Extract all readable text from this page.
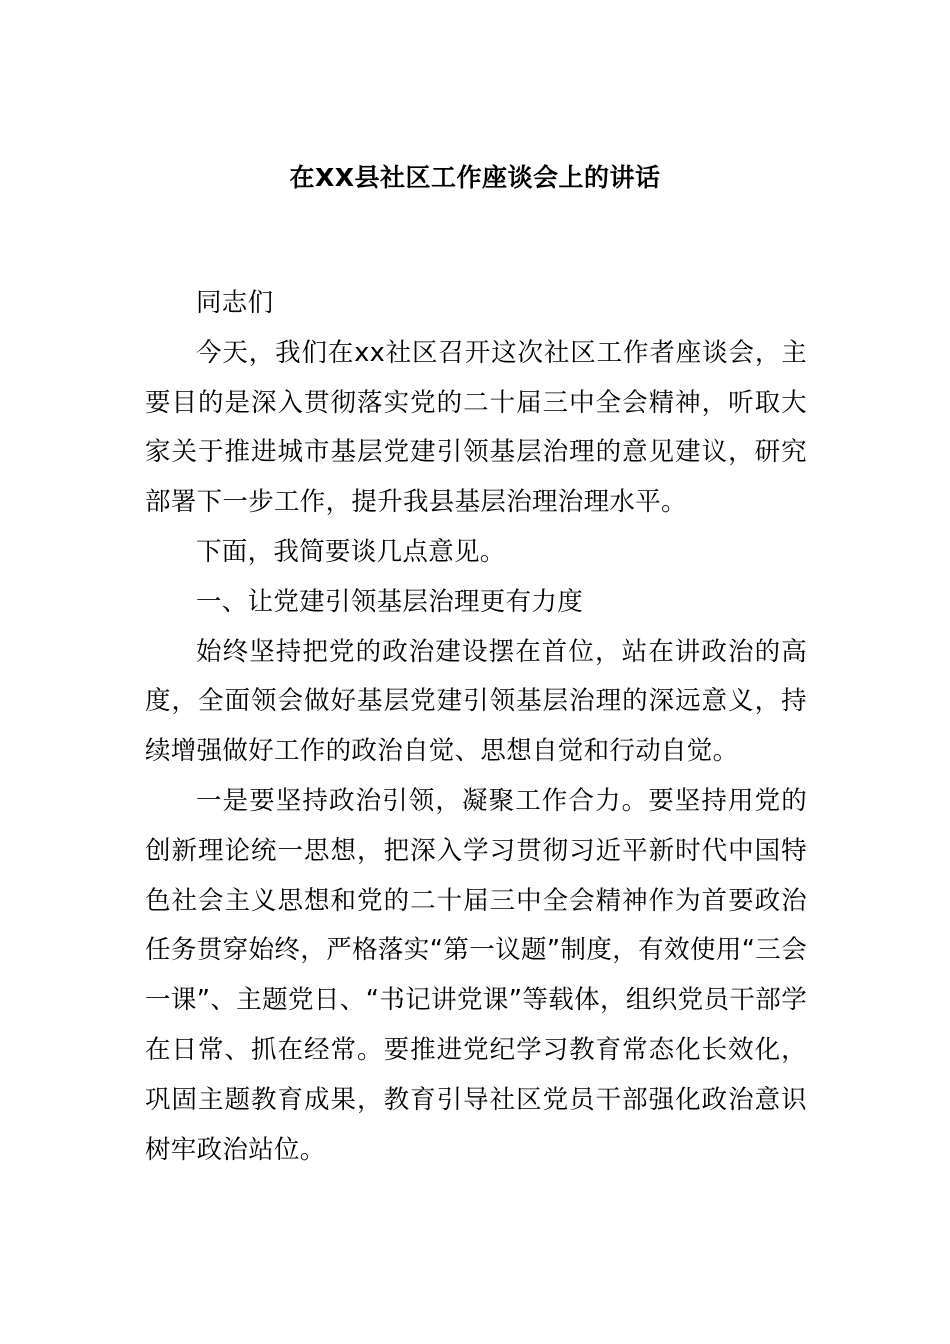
在XX县社区工作座谈会上的讲话

同志们

今天，我们在xx社区召开这次社区工作者座谈会，主要目的是深入贯彻落实党的二十届三中全会精神，听取大家关于推进城市基层党建引领基层治理的意见建议，研究部署下一步工作，提升我县基层治理治理水平。

下面，我简要谈几点意见。

一、让党建引领基层治理更有力度

始终坚持把党的政治建设摆在首位，站在讲政治的高度，全面领会做好基层党建引领基层治理的深远意义，持续增强做好工作的政治自觉、思想自觉和行动自觉。

一是要坚持政治引领，凝聚工作合力。要坚持用党的创新理论统一思想，把深入学习贯彻习近平新时代中国特色社会主义思想和党的二十届三中全会精神作为首要政治任务贯穿始终，严格落实“第一议题”制度，有效使用“三会一课”、主题党日、“书记讲党课”等载体，组织党员干部学在日常、抓在经常。要推进党纪学习教育常态化长效化，巩固主题教育成果，教育引导社区党员干部强化政治意识树牢政治站位。
